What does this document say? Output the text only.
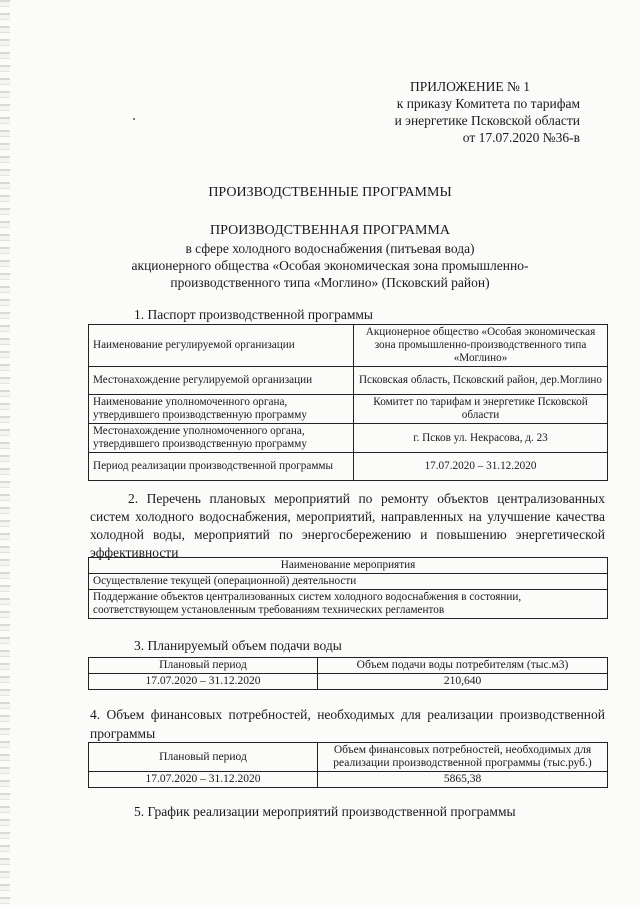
ПРИЛОЖЕНИЕ № 1
к приказу Комитета по тарифам
и энергетике Псковской области
от 17.07.2020 №36-в
ПРОИЗВОДСТВЕННЫЕ ПРОГРАММЫ
ПРОИЗВОДСТВЕННАЯ ПРОГРАММА
в сфере холодного водоснабжения (питьевая вода)
акционерного общества «Особая экономическая зона промышленно-
производственного типа «Моглино» (Псковский район)
1. Паспорт производственной программы
Наименование регулируемой организации	Акционерное общество «Особая экономическая зона промышленно-производственного типа «Моглино»
Местонахождение регулируемой организации	Псковская область, Псковский район, дер.Моглино
Наименование уполномоченного органа, утвердившего производственную программу	Комитет по тарифам и энергетике Псковской области
Местонахождение уполномоченного органа, утвердившего производственную программу	г. Псков ул. Некрасова, д. 23
Период реализации производственной программы	17.07.2020 – 31.12.2020
2. Перечень плановых мероприятий по ремонту объектов централизованных систем холодного водоснабжения, мероприятий, направленных на улучшение качества холодной воды, мероприятий по энергосбережению и повышению энергетической эффективности
Наименование мероприятия
Осуществление текущей (операционной) деятельности
Поддержание объектов централизованных систем холодного водоснабжения в состоянии, соответствующем установленным требованиям технических регламентов
3. Планируемый объем подачи воды
Плановый период	Объем подачи воды потребителям (тыс.м3)
17.07.2020 – 31.12.2020	210,640
4. Объем финансовых потребностей, необходимых для реализации производственной программы
Плановый период	Объем финансовых потребностей, необходимых для реализации производственной программы (тыс.руб.)
17.07.2020 – 31.12.2020	5865,38
5. График реализации мероприятий производственной программы
